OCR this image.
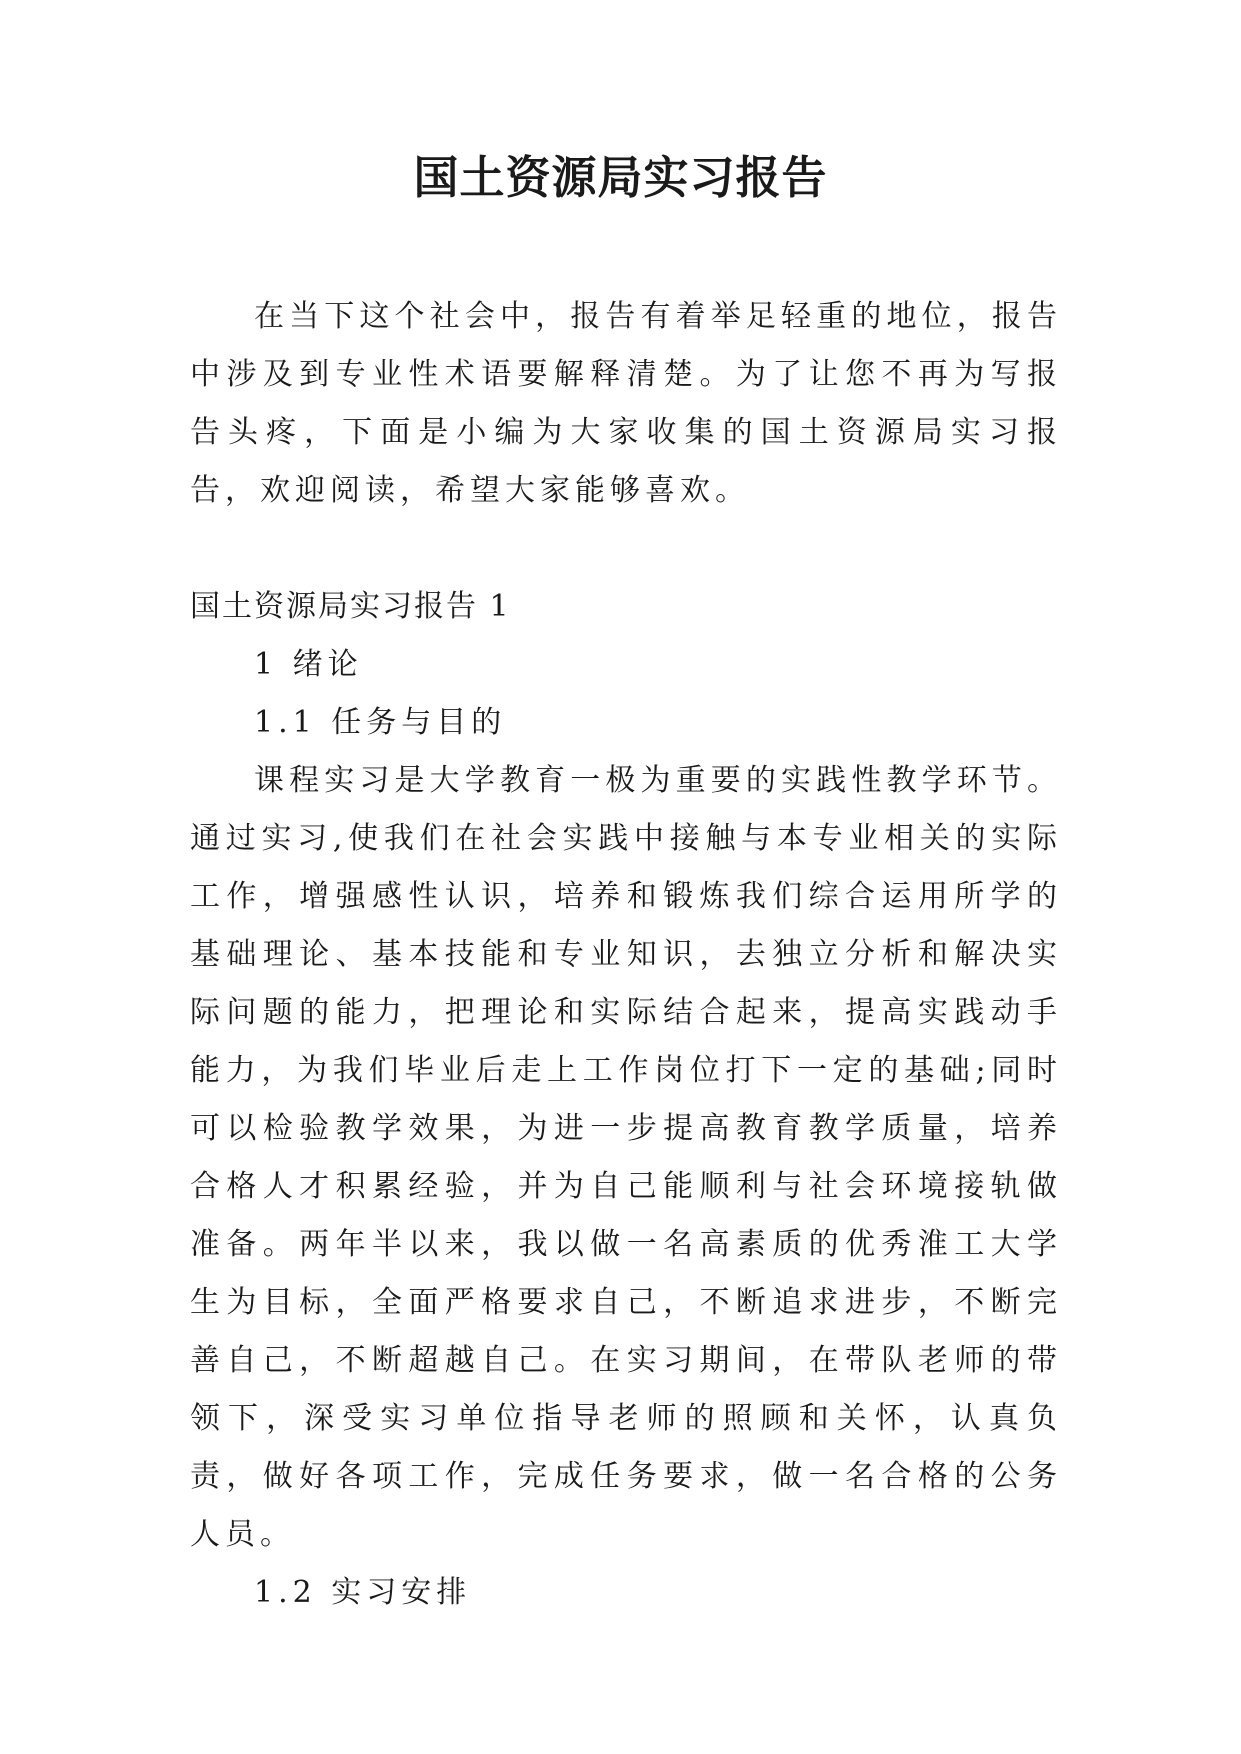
国土资源局实习报告

在当下这个社会中，报告有着举足轻重的地位，报告中涉及到专业性术语要解释清楚。为了让您不再为写报告头疼，下面是小编为大家收集的国土资源局实习报告，欢迎阅读，希望大家能够喜欢。

国土资源局实习报告 1

1 绪论

1.1 任务与目的

课程实习是大学教育一极为重要的实践性教学环节。通过实习,使我们在社会实践中接触与本专业相关的实际工作，增强感性认识，培养和锻炼我们综合运用所学的基础理论、基本技能和专业知识，去独立分析和解决实际问题的能力，把理论和实际结合起来，提高实践动手能力，为我们毕业后走上工作岗位打下一定的基础;同时可以检验教学效果，为进一步提高教育教学质量，培养合格人才积累经验，并为自己能顺利与社会环境接轨做准备。两年半以来，我以做一名高素质的优秀淮工大学生为目标，全面严格要求自己，不断追求进步，不断完善自己，不断超越自己。在实习期间，在带队老师的带领下，深受实习单位指导老师的照顾和关怀，认真负责，做好各项工作，完成任务要求，做一名合格的公务人员。

1.2 实习安排
